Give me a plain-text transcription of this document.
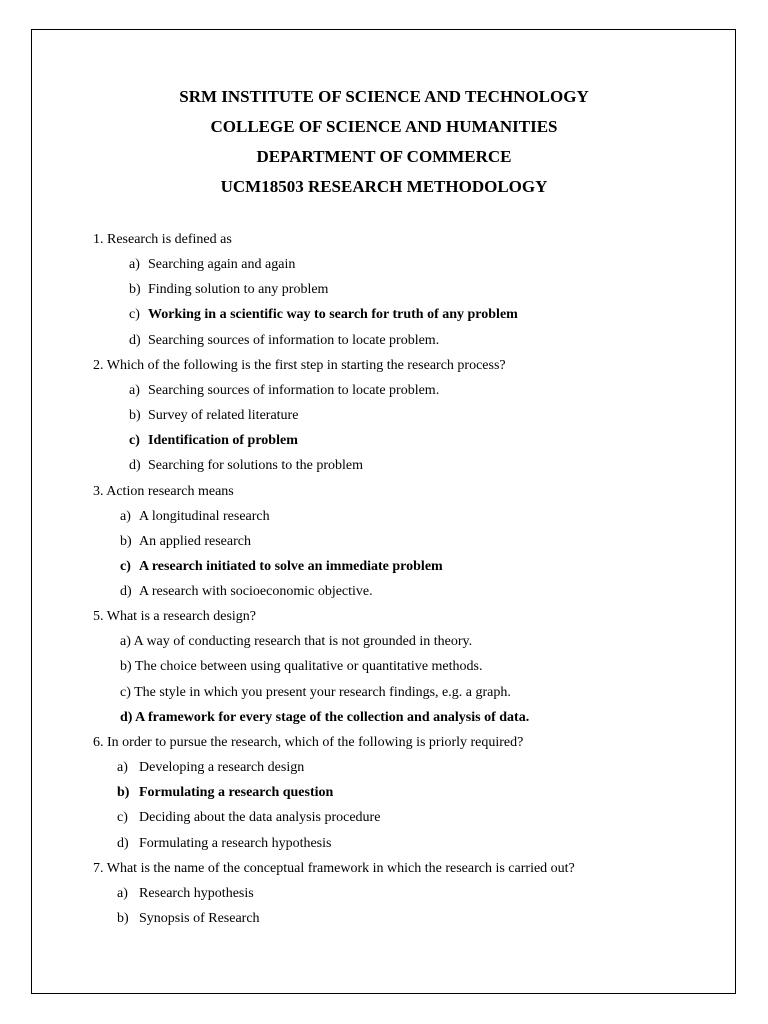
SRM INSTITUTE OF SCIENCE AND TECHNOLOGY
COLLEGE OF SCIENCE AND HUMANITIES
DEPARTMENT OF COMMERCE
UCM18503 RESEARCH METHODOLOGY
1. Research is defined as
a) Searching again and again
b) Finding solution to any problem
c) Working in a scientific way to search for truth of any problem
d) Searching sources of information to locate problem.
2. Which of the following is the first step in starting the research process?
a) Searching sources of information to locate problem.
b) Survey of related literature
c) Identification of problem
d) Searching for solutions to the problem
3. Action research means
a) A longitudinal research
b) An applied research
c) A research initiated to solve an immediate problem
d) A research with socioeconomic objective.
5. What is a research design?
a) A way of conducting research that is not grounded in theory.
b) The choice between using qualitative or quantitative methods.
c) The style in which you present your research findings, e.g. a graph.
d) A framework for every stage of the collection and analysis of data.
6. In order to pursue the research, which of the following is priorly required?
a) Developing a research design
b) Formulating a research question
c) Deciding about the data analysis procedure
d) Formulating a research hypothesis
7. What is the name of the conceptual framework in which the research is carried out?
a) Research hypothesis
b) Synopsis of Research
